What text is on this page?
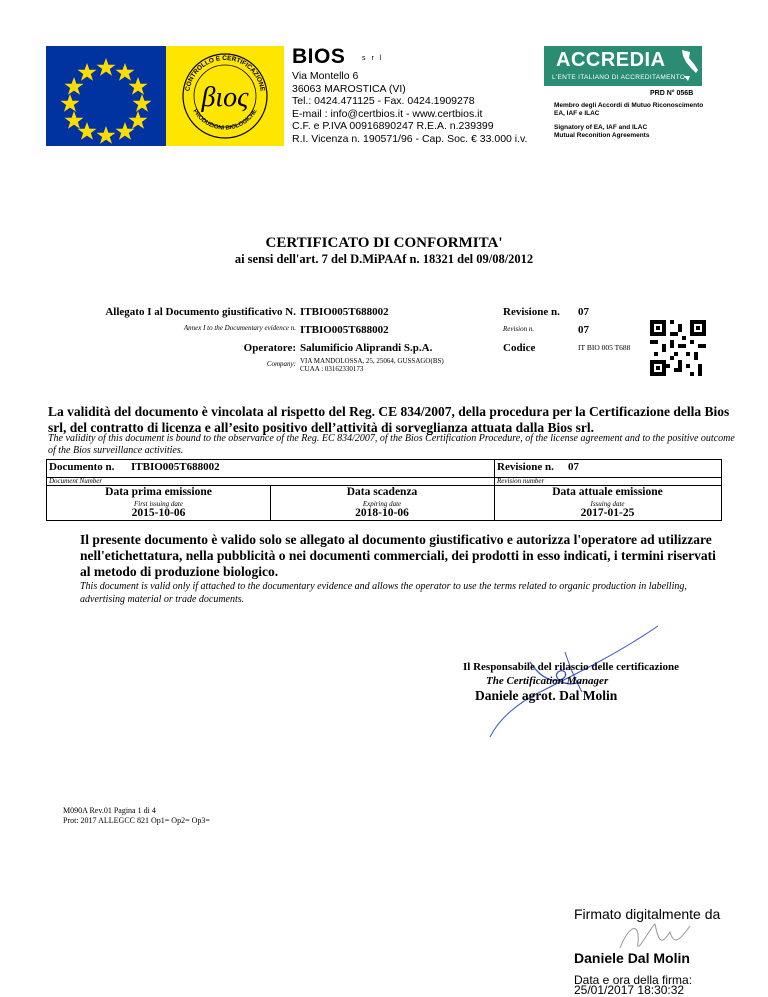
CONTROLLO E CERTIFICAZIONE
PRODUZIONI BIOLOGICHE
βιος
BIOS s r l
Via Montello 6
36063 MAROSTICA (VI)
Tel.: 0424.471125 - Fax. 0424.1909278
E-mail : info@certbios.it - www.certbios.it
C.F. e P.IVA 00916890247 R.E.A. n.239399
R.I. Vicenza n. 190571/96 - Cap. Soc. € 33.000 i.v.
ACCREDIA
L'ENTE ITALIANO DI ACCREDITAMENTO
PRD N° 056B
Membro degli Accordi di Mutuo Riconoscimento
EA, IAF e ILAC
Signatory of EA, IAF and ILAC
Mutual Reconition Agreements
CERTIFICATO DI CONFORMITA'
ai sensi dell'art. 7 del D.MiPAAf n. 18321 del 09/08/2012
Allegato I al Documento giustificativo N. ITBIO005T688002	Revisione n. 07
Annex I to the Documentary evidence n. ITBIO005T688002	Revision n.	07
Operatore: Salumificio Aliprandi S.p.A.	Codice	IT BIO 005 T688
Company: VIA MANDOLOSSA, 25, 25064, GUSSAGO(BS)
CUAA : 03162330173
La validità del documento è vincolata al rispetto del Reg. CE 834/2007, della procedura per la Certificazione della Bios srl, del contratto di licenza e all’esito positivo dell’attività di sorveglianza attuata dalla Bios srl.
The validity of this document is bound to the observance of the Reg. EC 834/2007, of the Bios Certification Procedure, of the license agreement and to the positive outcome of the Bios surveillance activities.
Documento n. ITBIO005T688002
Document Number
Revisione n. 07
Revision number
Data prima emissione
First issuing date
2015-10-06
Data scadenza
Expiring date
2018-10-06
Data attuale emissione
Issuing date
2017-01-25
Il presente documento è valido solo se allegato al documento giustificativo e autorizza l'operatore ad utilizzare nell'etichettatura, nella pubblicità o nei documenti commerciali, dei prodotti in esso indicati, i termini riservati al metodo di produzione biologico.
This document is valid only if attached to the documentary evidence and allows the operator to use the terms related to organic production in labelling, advertising material or trade documents.
Il Responsabile del rilascio delle certificazione
The Certification Manager
Daniele agrot. Dal Molin
M090A Rev.01 Pagina 1 di 4
Prot: 2017 ALLEGCC 821 Op1= Op2= Op3=
Firmato digitalmente da
Daniele Dal Molin
Data e ora della firma:
25/01/2017 18:30:32
